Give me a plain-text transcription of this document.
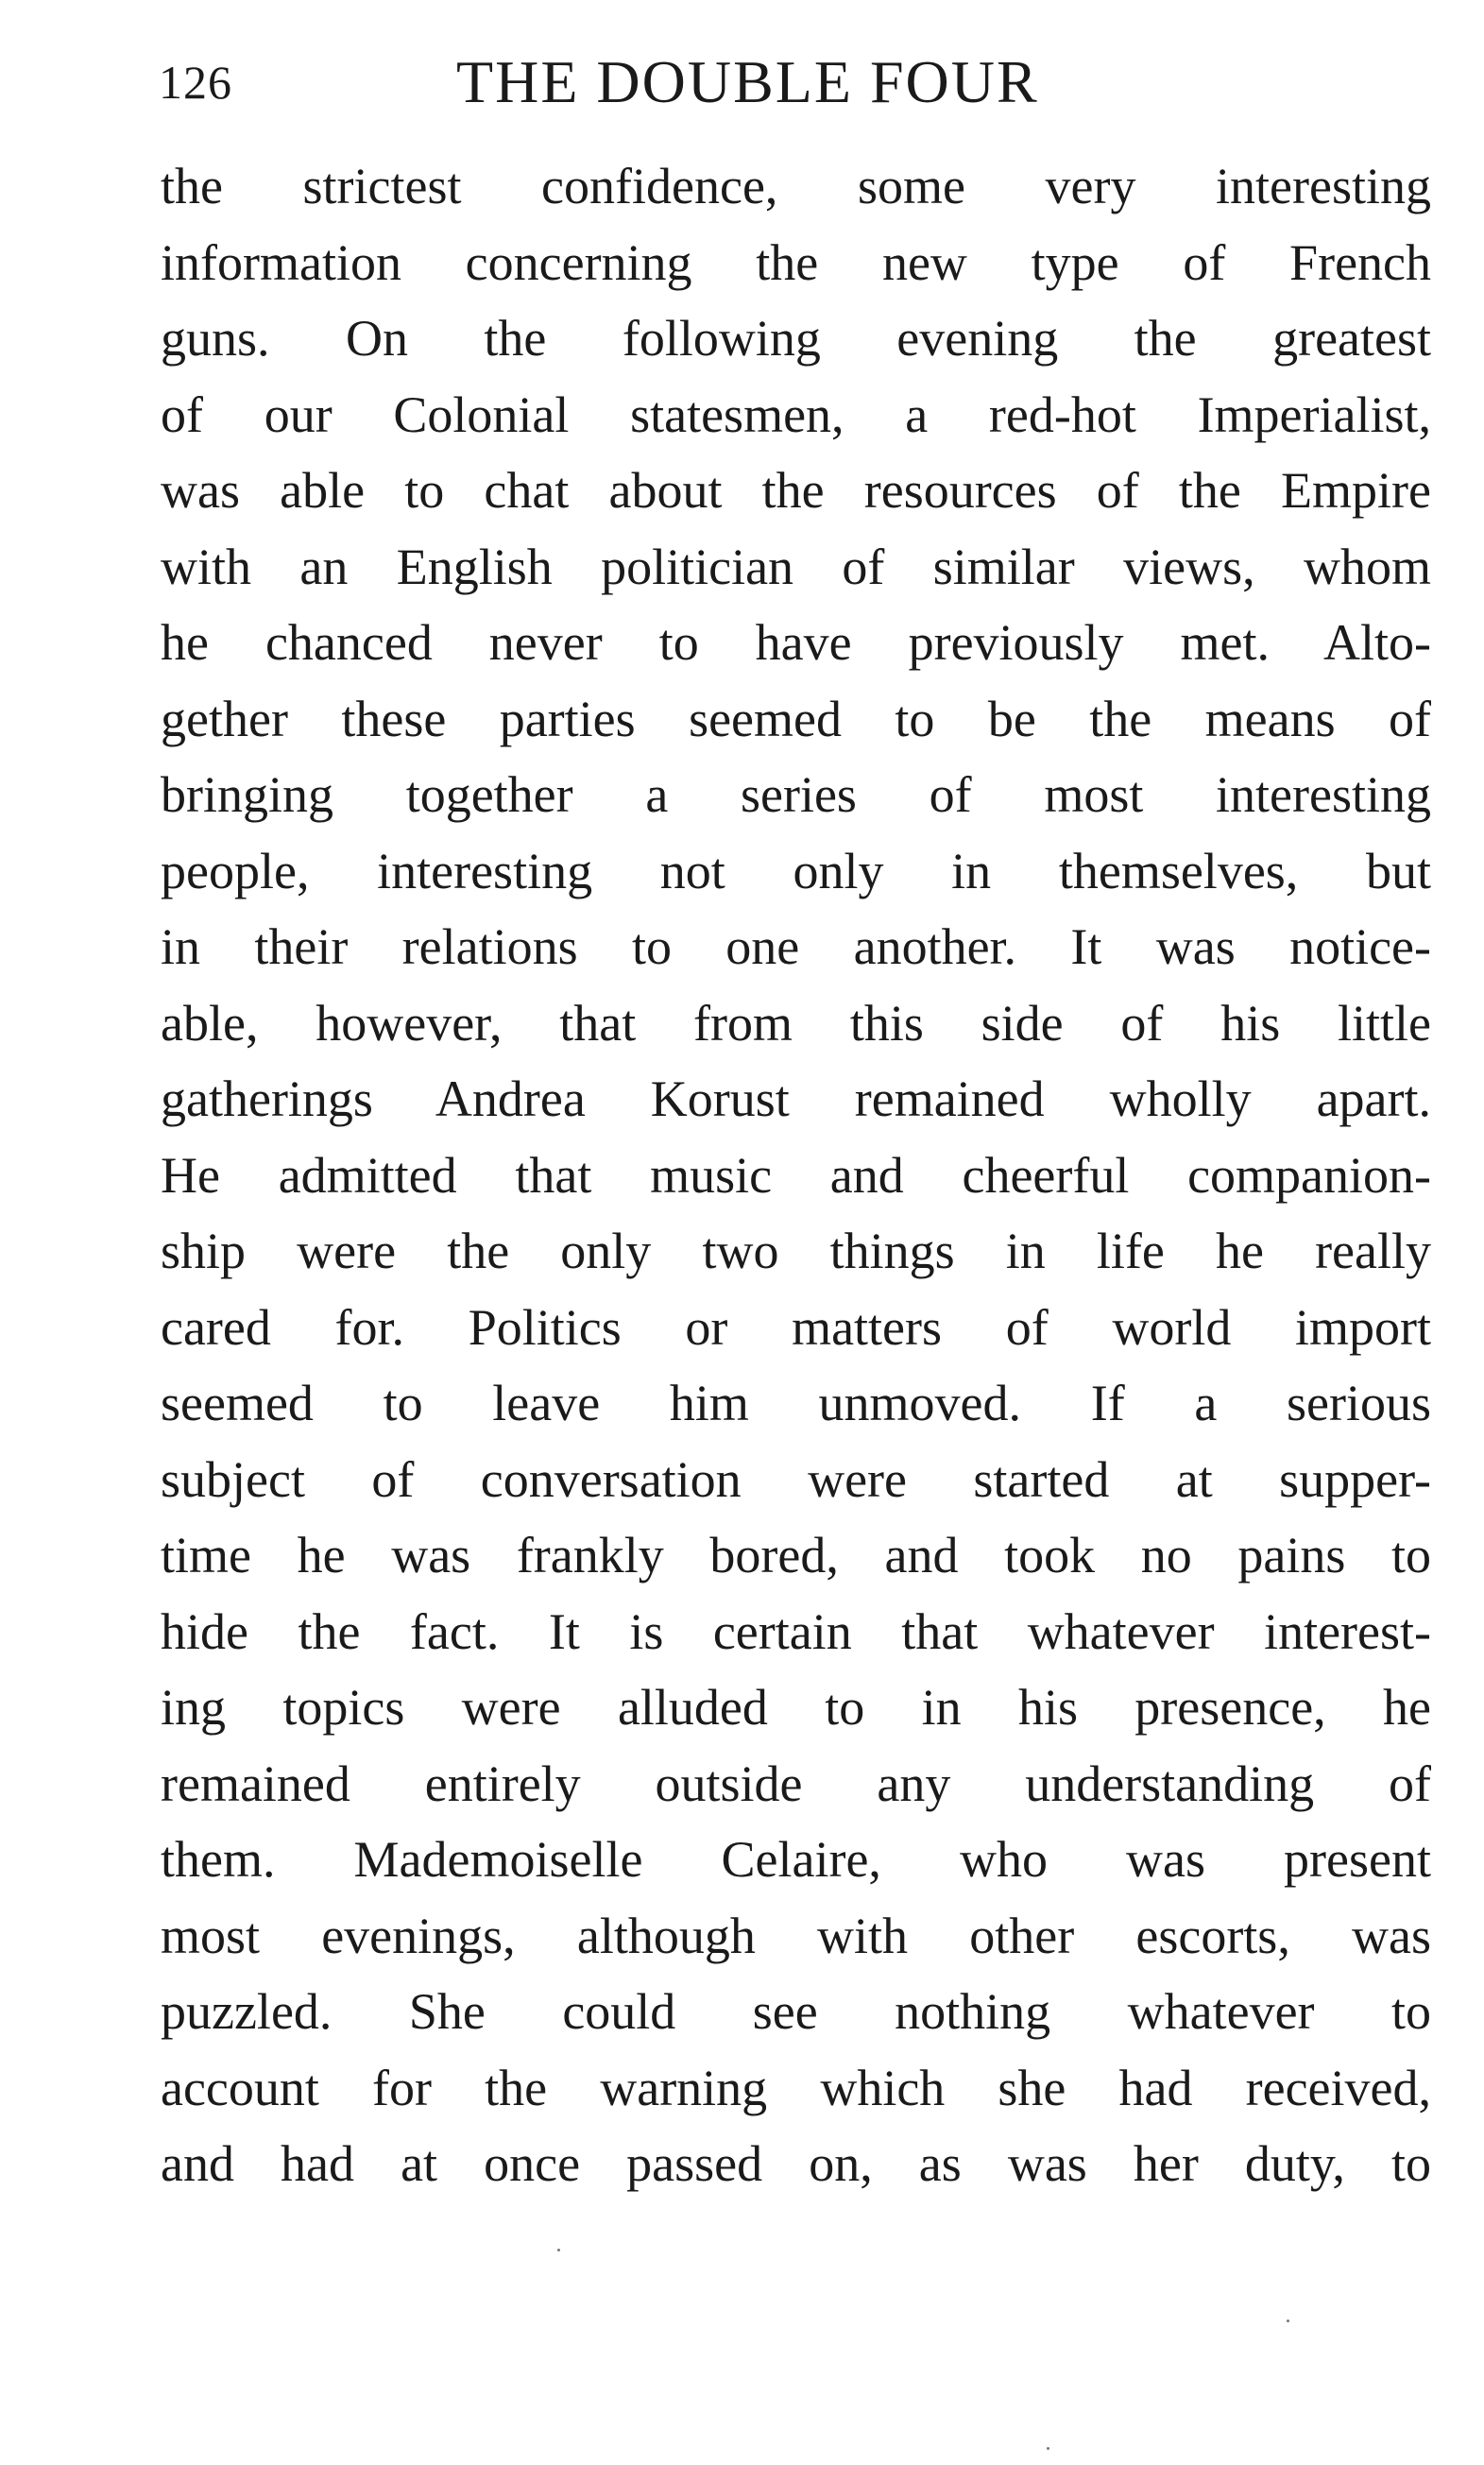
126	THE DOUBLE FOUR
the strictest confidence, some very interesting
information concerning the new type of French
guns. On the following evening the greatest
of our Colonial statesmen, a red-hot Imperialist,
was able to chat about the resources of the Empire
with an English politician of similar views, whom
he chanced never to have previously met. Alto-
gether these parties seemed to be the means of
bringing together a series of most interesting
people, interesting not only in themselves, but
in their relations to one another. It was notice-
able, however, that from this side of his little
gatherings Andrea Korust remained wholly apart.
He admitted that music and cheerful companion-
ship were the only two things in life he really
cared for. Politics or matters of world import
seemed to leave him unmoved. If a serious
subject of conversation were started at supper-
time he was frankly bored, and took no pains to
hide the fact. It is certain that whatever interest-
ing topics were alluded to in his presence, he
remained entirely outside any understanding of
them. Mademoiselle Celaire, who was present
most evenings, although with other escorts, was
puzzled. She could see nothing whatever to
account for the warning which she had received,
and had at once passed on, as was her duty, to
